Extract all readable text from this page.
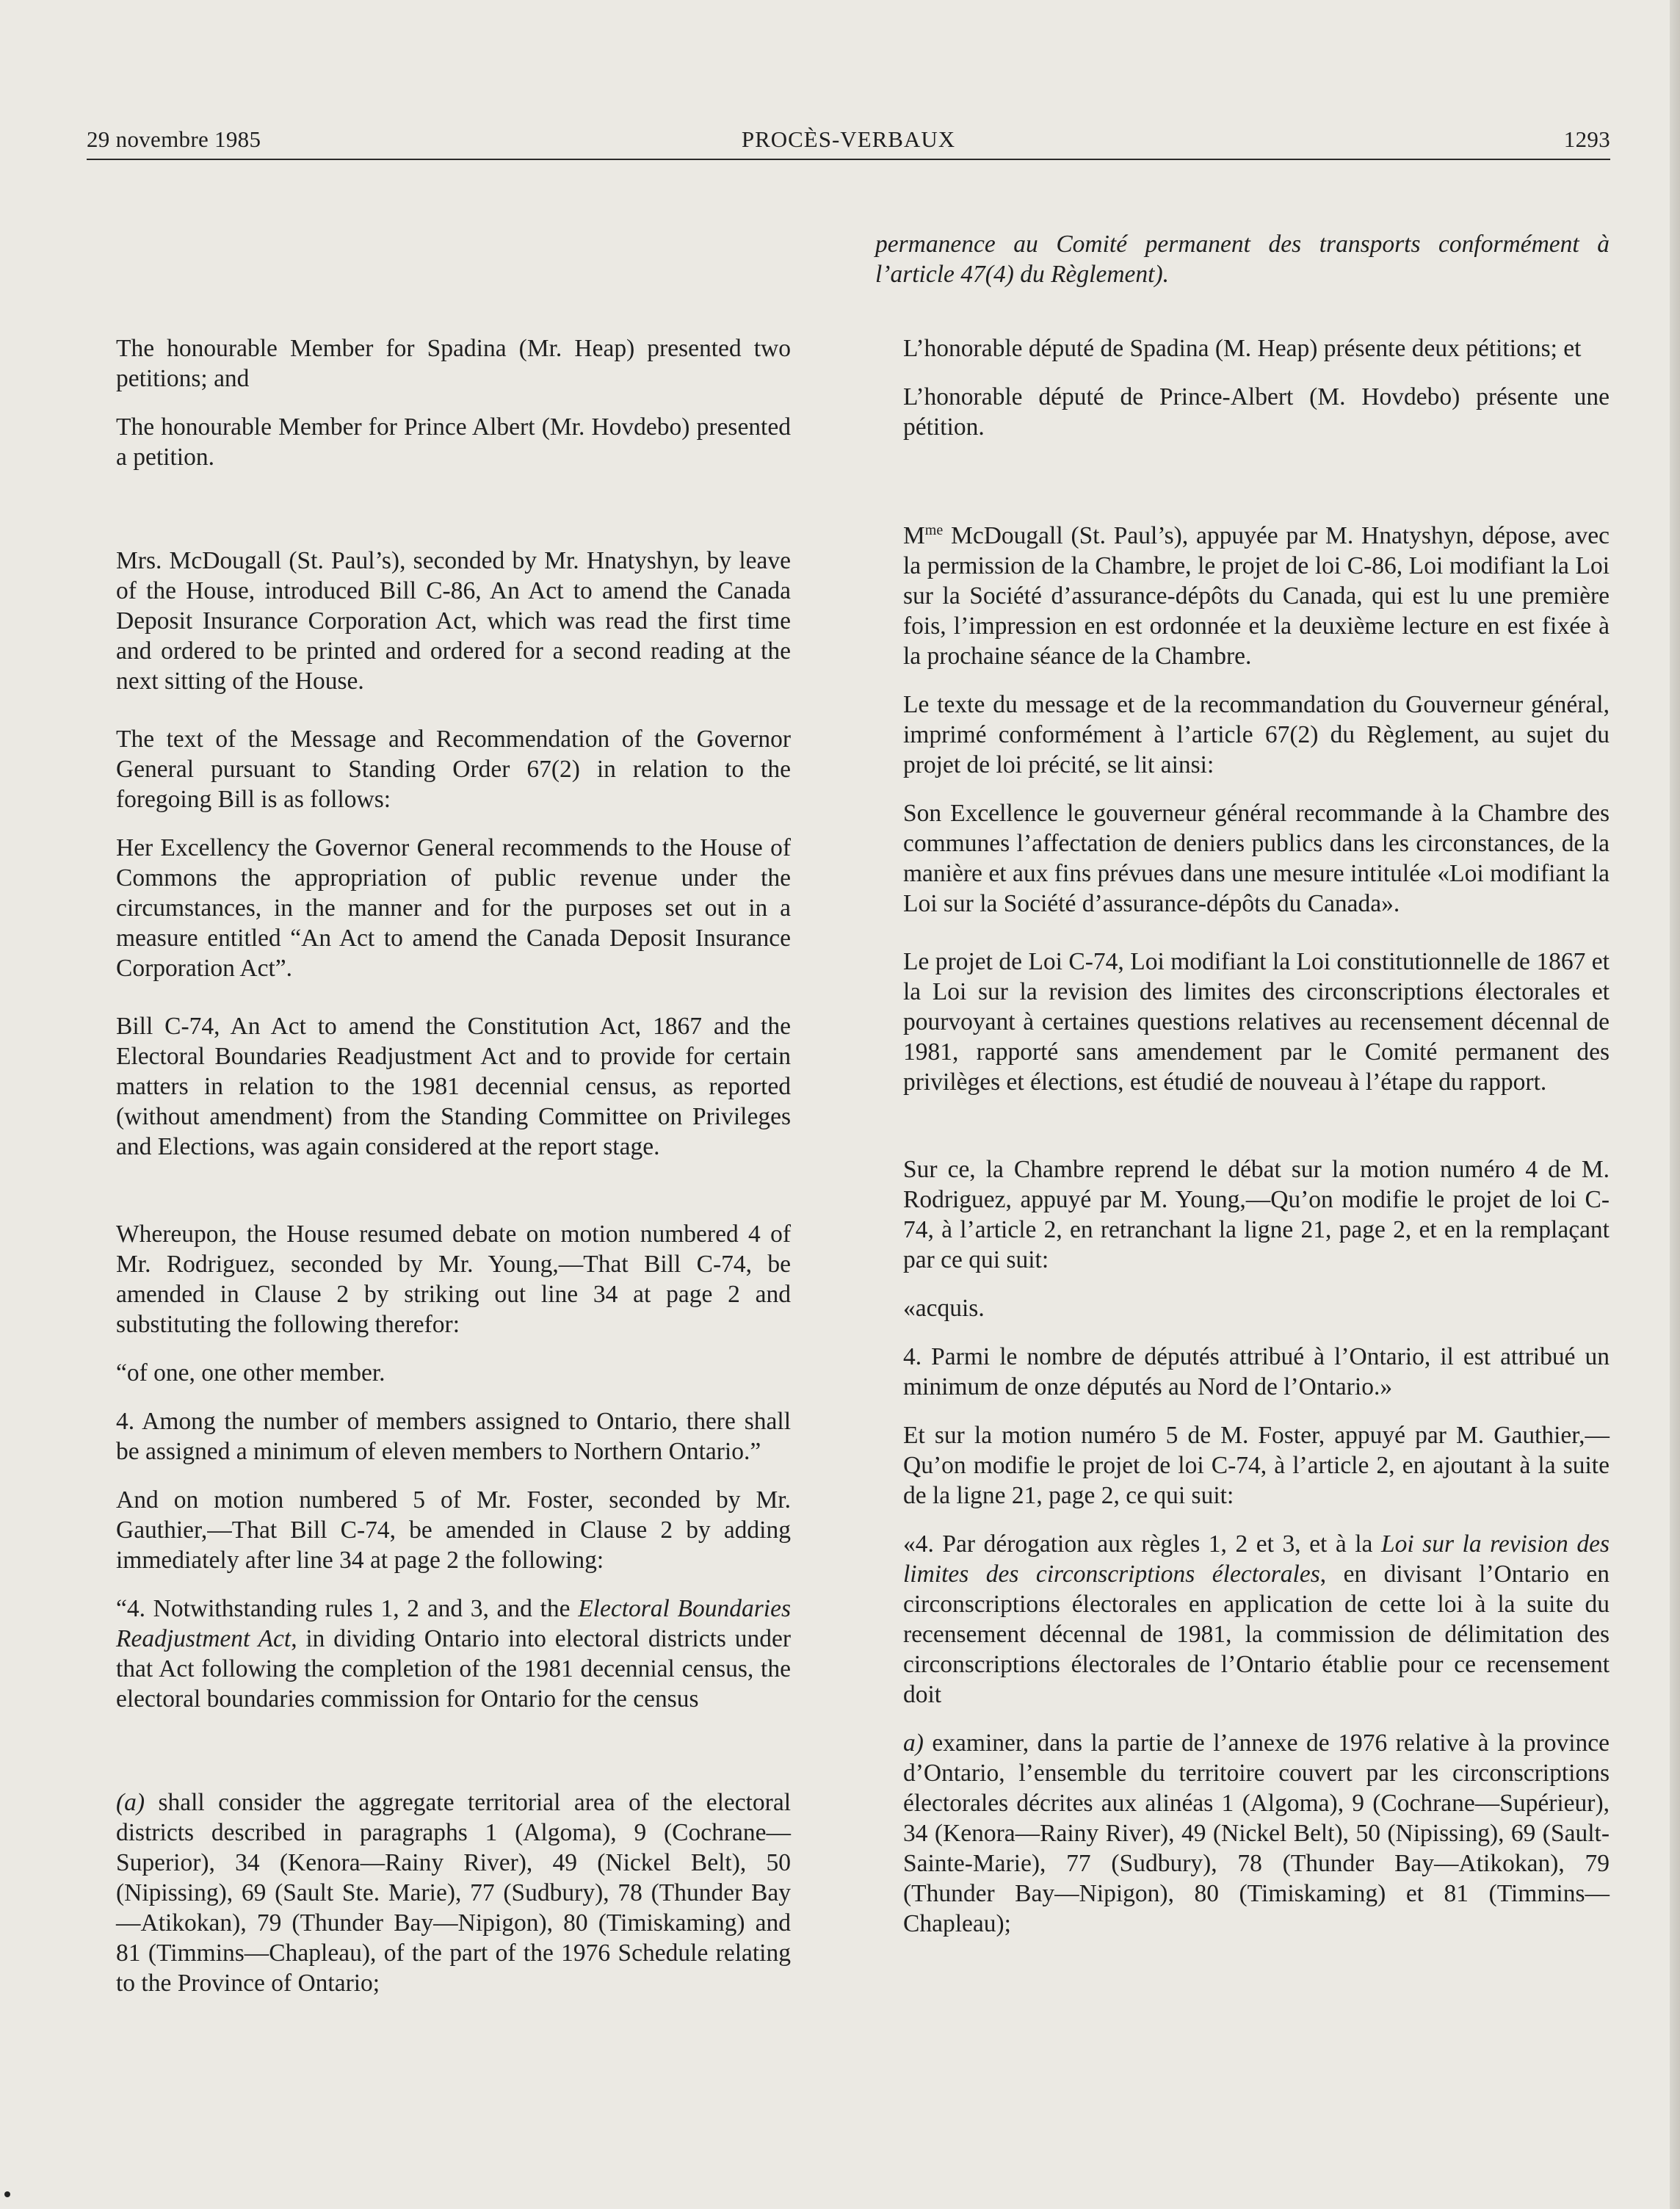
29 novembre 1985	PROCÈS-VERBAUX	1293

The honourable Member for Spadina (Mr. Heap) presented two petitions; and

The honourable Member for Prince Albert (Mr. Hovdebo) presented a petition.

Mrs. McDougall (St. Paul’s), seconded by Mr. Hnatyshyn, by leave of the House, introduced Bill C-86, An Act to amend the Canada Deposit Insurance Corporation Act, which was read the first time and ordered to be printed and ordered for a second reading at the next sitting of the House.

The text of the Message and Recommendation of the Governor General pursuant to Standing Order 67(2) in relation to the foregoing Bill is as follows:

Her Excellency the Governor General recommends to the House of Commons the appropriation of public revenue under the circumstances, in the manner and for the purposes set out in a measure entitled “An Act to amend the Canada Deposit Insurance Corporation Act”.

Bill C-74, An Act to amend the Constitution Act, 1867 and the Electoral Boundaries Readjustment Act and to provide for certain matters in relation to the 1981 decennial census, as reported (without amendment) from the Standing Committee on Privileges and Elections, was again considered at the report stage.

Whereupon, the House resumed debate on motion numbered 4 of Mr. Rodriguez, seconded by Mr. Young,—That Bill C-74, be amended in Clause 2 by striking out line 34 at page 2 and substituting the following therefor:

“of one, one other member.

4. Among the number of members assigned to Ontario, there shall be assigned a minimum of eleven members to Northern Ontario.”

And on motion numbered 5 of Mr. Foster, seconded by Mr. Gauthier,—That Bill C-74, be amended in Clause 2 by adding immediately after line 34 at page 2 the following:

“4. Notwithstanding rules 1, 2 and 3, and the Electoral Boundaries Readjustment Act, in dividing Ontario into electoral districts under that Act following the completion of the 1981 decennial census, the electoral boundaries commission for Ontario for the census

(a) shall consider the aggregate territorial area of the electoral districts described in paragraphs 1 (Algoma), 9 (Cochrane—Superior), 34 (Kenora—Rainy River), 49 (Nickel Belt), 50 (Nipissing), 69 (Sault Ste. Marie), 77 (Sudbury), 78 (Thunder Bay—Atikokan), 79 (Thunder Bay—Nipigon), 80 (Timiskaming) and 81 (Timmins—Chapleau), of the part of the 1976 Schedule relating to the Province of Ontario;

permanence au Comité permanent des transports conformément à l’article 47(4) du Règlement).

L’honorable député de Spadina (M. Heap) présente deux pétitions; et

L’honorable député de Prince-Albert (M. Hovdebo) présente une pétition.

$M^{me}$ McDougall (St. Paul’s), appuyée par M. Hnatyshyn, dépose, avec la permission de la Chambre, le projet de loi C-86, Loi modifiant la Loi sur la Société d’assurance-dépôts du Canada, qui est lu une première fois, l’impression en est ordonnée et la deuxième lecture en est fixée à la prochaine séance de la Chambre.

Le texte du message et de la recommandation du Gouverneur général, imprimé conformément à l’article 67(2) du Règlement, au sujet du projet de loi précité, se lit ainsi:

Son Excellence le gouverneur général recommande à la Chambre des communes l’affectation de deniers publics dans les circonstances, de la manière et aux fins prévues dans une mesure intitulée «Loi modifiant la Loi sur la Société d’assurance-dépôts du Canada».

Le projet de Loi C-74, Loi modifiant la Loi constitutionnelle de 1867 et la Loi sur la revision des limites des circonscriptions électorales et pourvoyant à certaines questions relatives au recensement décennal de 1981, rapporté sans amendement par le Comité permanent des privilèges et élections, est étudié de nouveau à l’étape du rapport.

Sur ce, la Chambre reprend le débat sur la motion numéro 4 de M. Rodriguez, appuyé par M. Young,—Qu’on modifie le projet de loi C-74, à l’article 2, en retranchant la ligne 21, page 2, et en la remplaçant par ce qui suit:

«acquis.

4. Parmi le nombre de députés attribué à l’Ontario, il est attribué un minimum de onze députés au Nord de l’Ontario.»

Et sur la motion numéro 5 de M. Foster, appuyé par M. Gauthier,—Qu’on modifie le projet de loi C-74, à l’article 2, en ajoutant à la suite de la ligne 21, page 2, ce qui suit:

«4. Par dérogation aux règles 1, 2 et 3, et à la Loi sur la revision des limites des circonscriptions électorales, en divisant l’Ontario en circonscriptions électorales en application de cette loi à la suite du recensement décennal de 1981, la commission de délimitation des circonscriptions électorales de l’Ontario établie pour ce recensement doit

a) examiner, dans la partie de l’annexe de 1976 relative à la province d’Ontario, l’ensemble du territoire couvert par les circonscriptions électorales décrites aux alinéas 1 (Algoma), 9 (Cochrane—Supérieur), 34 (Kenora—Rainy River), 49 (Nickel Belt), 50 (Nipissing), 69 (Sault-Sainte-Marie), 77 (Sudbury), 78 (Thunder Bay—Atikokan), 79 (Thunder Bay—Nipigon), 80 (Timiskaming) et 81 (Timmins—Chapleau);
